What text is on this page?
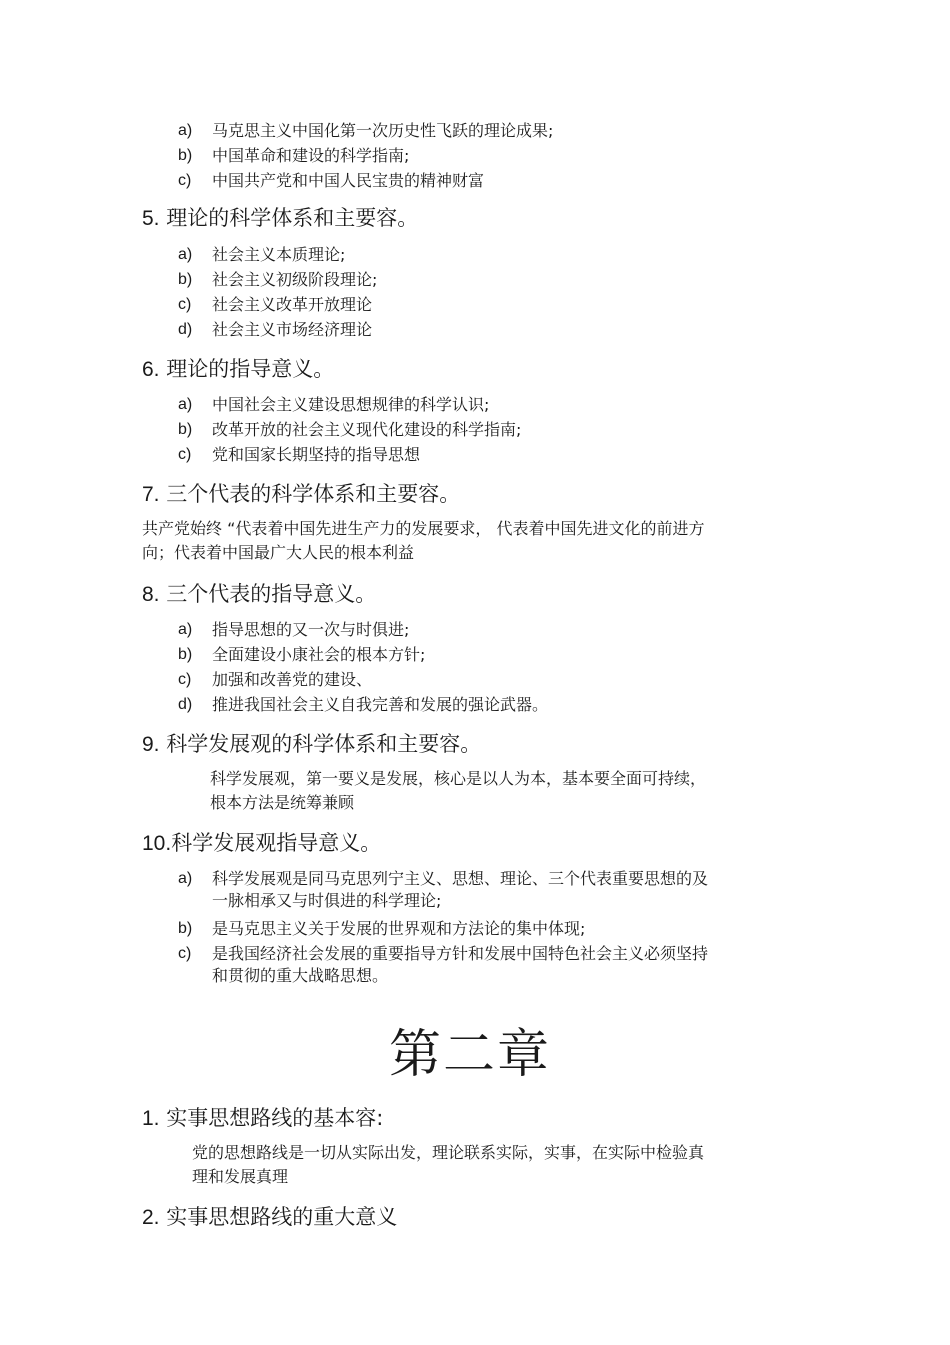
a) 马克思主义中国化第一次历史性飞跃的理论成果;
b) 中国革命和建设的科学指南;
c) 中国共产党和中国人民宝贵的精神财富
5. 理论的科学体系和主要容。
a) 社会主义本质理论;
b) 社会主义初级阶段理论;
c) 社会主义改革开放理论
d) 社会主义市场经济理论
6. 理论的指导意义。
a) 中国社会主义建设思想规律的科学认识;
b) 改革开放的社会主义现代化建设的科学指南;
c) 党和国家长期坚持的指导思想
7. 三个代表的科学体系和主要容。
共产党始终 “代表着中国先进生产力的发展要求， 代表着中国先进文化的前进方
向；代表着中国最广大人民的根本利益
8. 三个代表的指导意义。
a) 指导思想的又一次与时俱进;
b) 全面建设小康社会的根本方针;
c) 加强和改善党的建设、
d) 推进我国社会主义自我完善和发展的强论武器。
9. 科学发展观的科学体系和主要容。
科学发展观，第一要义是发展，核心是以人为本，基本要全面可持续，
根本方法是统筹兼顾
10.科学发展观指导意义。
a) 科学发展观是同马克思列宁主义、思想、理论、三个代表重要思想的及
一脉相承又与时俱进的科学理论;
b) 是马克思主义关于发展的世界观和方法论的集中体现;
c) 是我国经济社会发展的重要指导方针和发展中国特色社会主义必须坚持
和贯彻的重大战略思想。
第二章
1. 实事思想路线的基本容:
党的思想路线是一切从实际出发，理论联系实际，实事，在实际中检验真
理和发展真理
2. 实事思想路线的重大意义
